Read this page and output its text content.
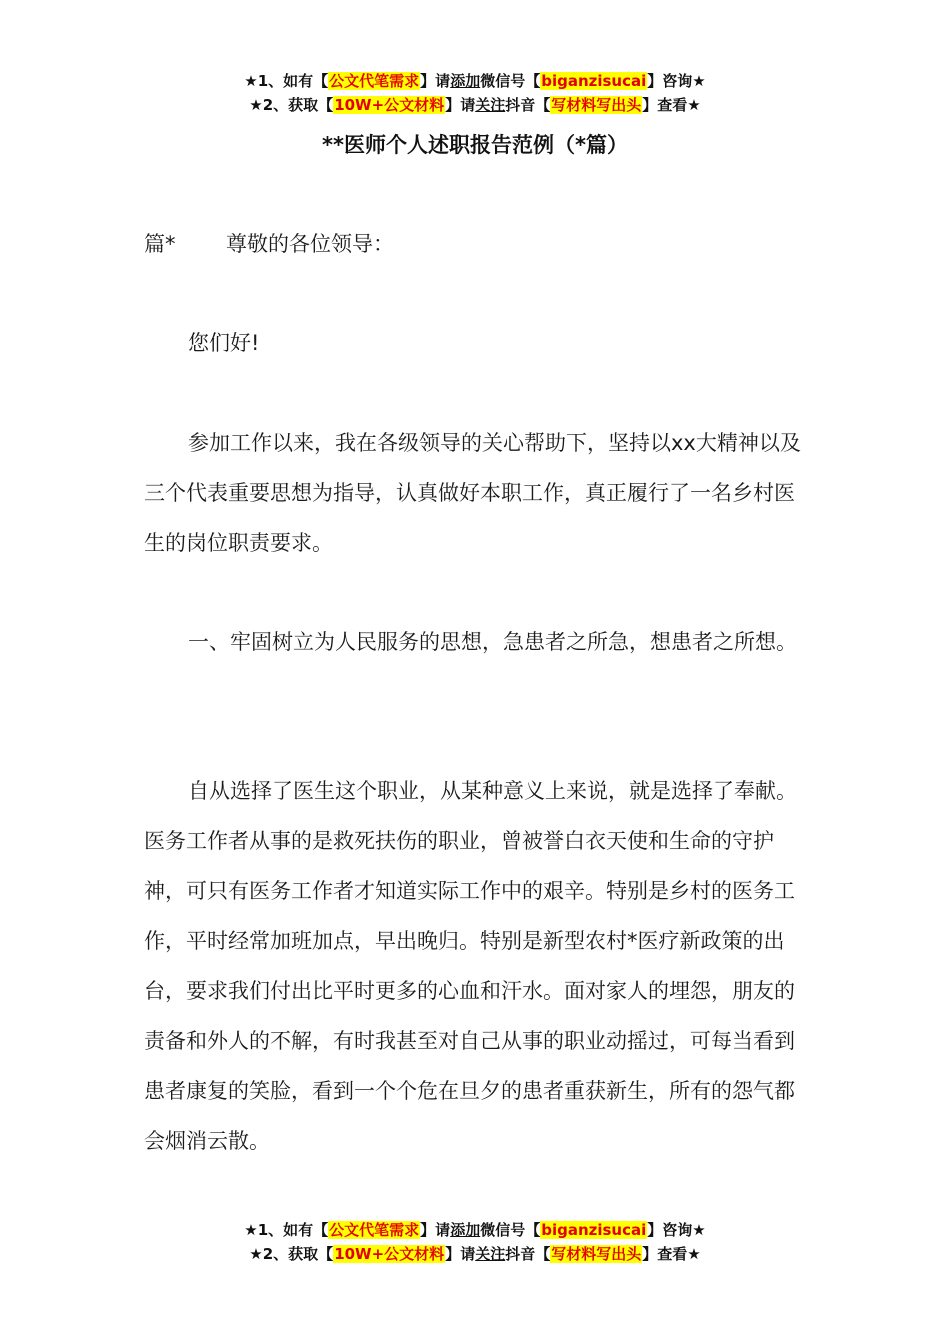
★1、如有【公文代笔需求】请添加微信号【biganzisucai】咨询★
★2、获取【10W+公文材料】请关注抖音【写材料写出头】查看★
**医师个人述职报告范例（*篇）
篇* 尊敬的各位领导：
您们好!
参加工作以来，我在各级领导的关心帮助下，坚持以xx大精神以及三个代表重要思想为指导，认真做好本职工作，真正履行了一名乡村医生的岗位职责要求。
一、牢固树立为人民服务的思想，急患者之所急，想患者之所想。
自从选择了医生这个职业，从某种意义上来说，就是选择了奉献。医务工作者从事的是救死扶伤的职业，曾被誉白衣天使和生命的守护神，可只有医务工作者才知道实际工作中的艰辛。特别是乡村的医务工作，平时经常加班加点，早出晚归。特别是新型农村*医疗新政策的出台，要求我们付出比平时更多的心血和汗水。面对家人的埋怨，朋友的责备和外人的不解，有时我甚至对自己从事的职业动摇过，可每当看到患者康复的笑脸，看到一个个危在旦夕的患者重获新生，所有的怨气都会烟消云散。
★1、如有【公文代笔需求】请添加微信号【biganzisucai】咨询★
★2、获取【10W+公文材料】请关注抖音【写材料写出头】查看★
